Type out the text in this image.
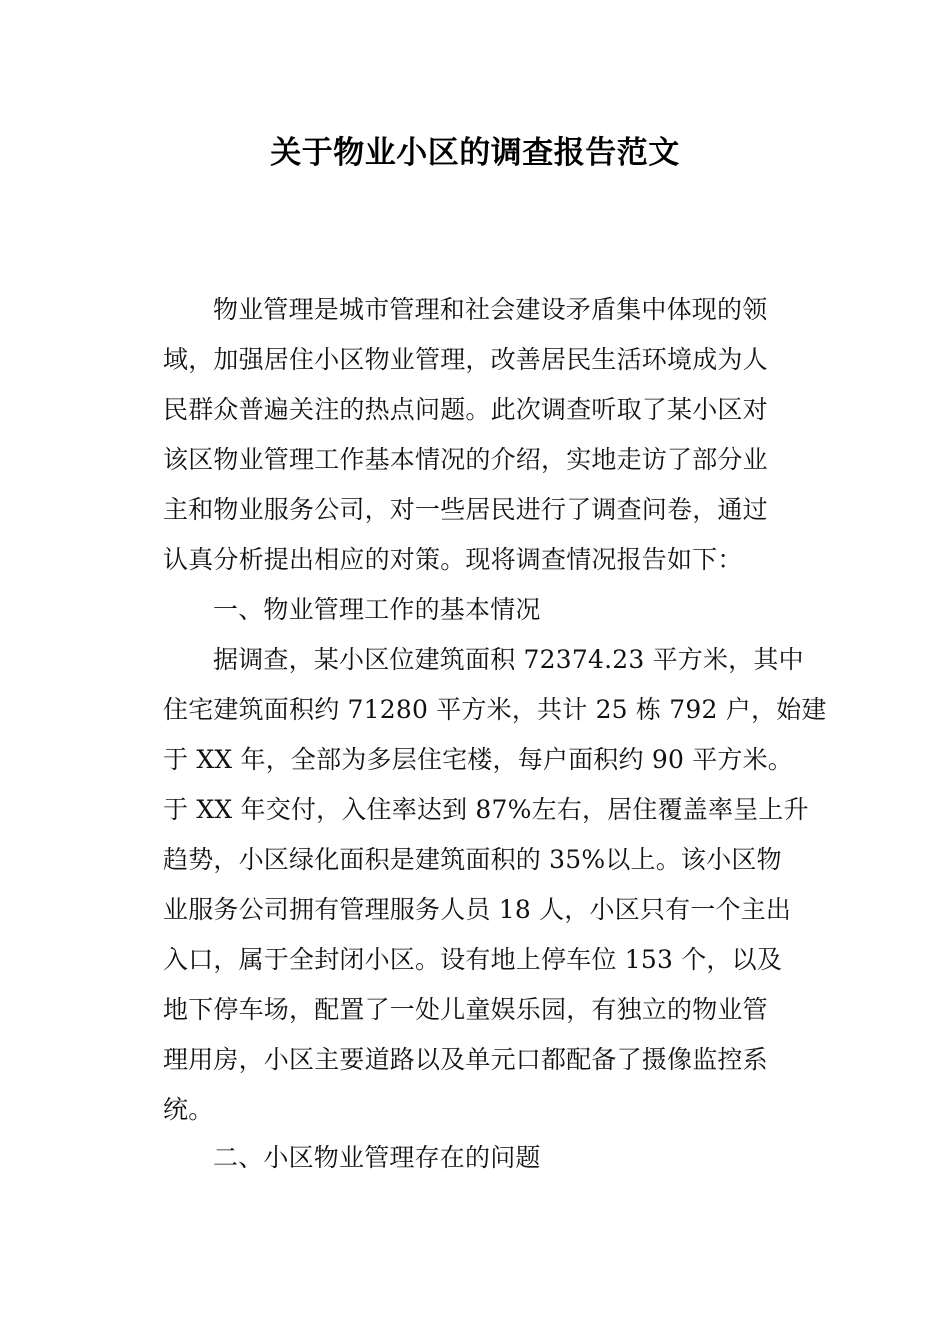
关于物业小区的调查报告范文
物业管理是城市管理和社会建设矛盾集中体现的领
域，加强居住小区物业管理，改善居民生活环境成为人
民群众普遍关注的热点问题。此次调查听取了某小区对
该区物业管理工作基本情况的介绍，实地走访了部分业
主和物业服务公司，对一些居民进行了调查问卷，通过
认真分析提出相应的对策。现将调查情况报告如下：
一、物业管理工作的基本情况
据调查，某小区位建筑面积 72374.23 平方米，其中
住宅建筑面积约 71280 平方米，共计 25 栋 792 户，始建
于 XX 年，全部为多层住宅楼，每户面积约 90 平方米。
于 XX 年交付，入住率达到 87%左右，居住覆盖率呈上升
趋势，小区绿化面积是建筑面积的 35%以上。该小区物
业服务公司拥有管理服务人员 18 人，小区只有一个主出
入口，属于全封闭小区。设有地上停车位 153 个，以及
地下停车场，配置了一处儿童娱乐园，有独立的物业管
理用房，小区主要道路以及单元口都配备了摄像监控系
统。
二、小区物业管理存在的问题
